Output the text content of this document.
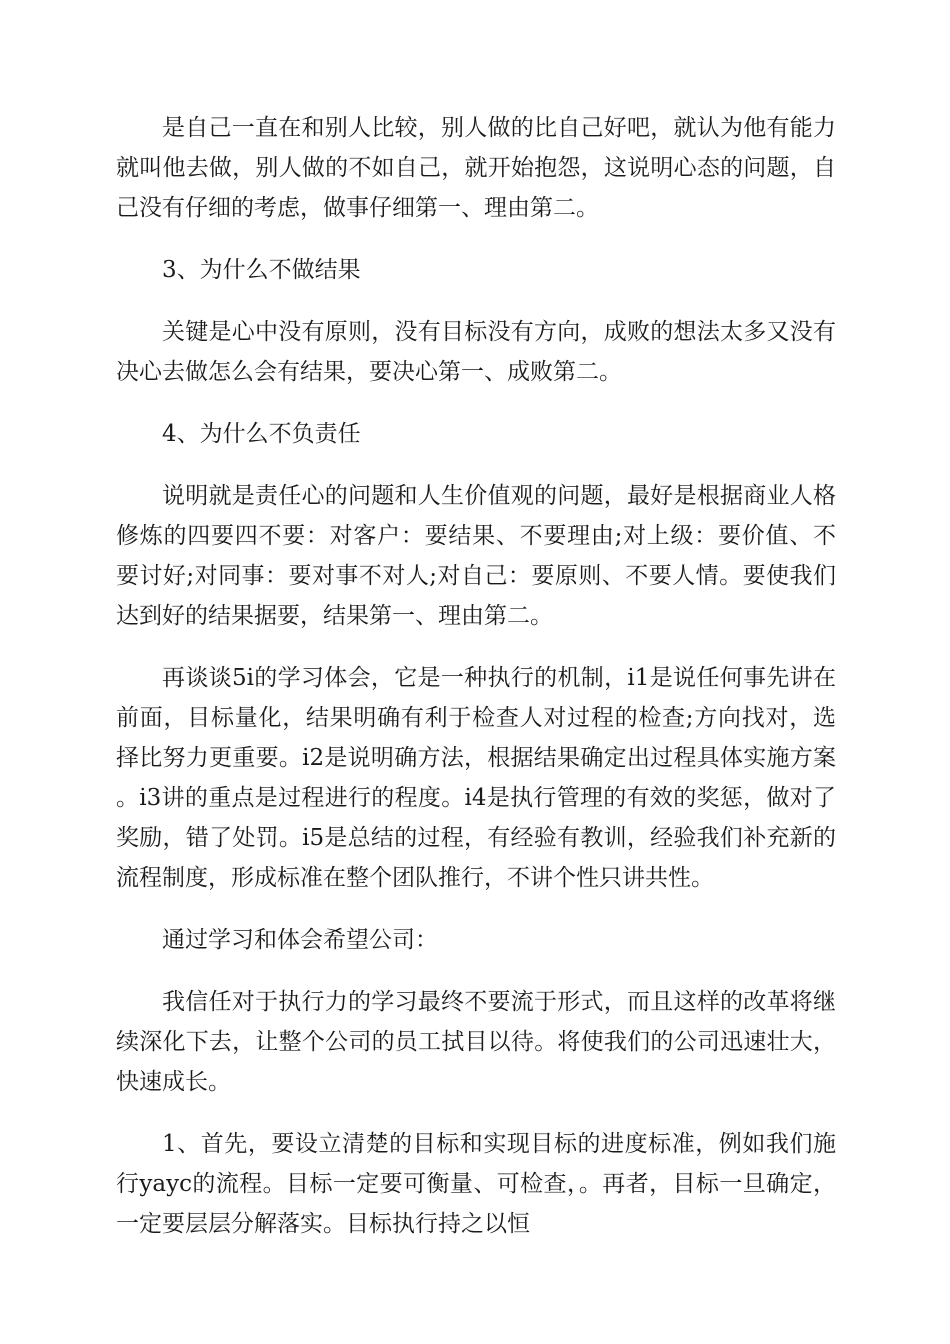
是自己一直在和别人比较，别人做的比自己好吧，就认为他有能力就叫他去做，别人做的不如自己，就开始抱怨，这说明心态的问题，自己没有仔细的考虑，做事仔细第一、理由第二。

3、为什么不做结果

关键是心中没有原则，没有目标没有方向，成败的想法太多又没有决心去做怎么会有结果，要决心第一、成败第二。

4、为什么不负责任

说明就是责任心的问题和人生价值观的问题，最好是根据商业人格修炼的四要四不要：对客户：要结果、不要理由;对上级：要价值、不要讨好;对同事：要对事不对人;对自己：要原则、不要人情。要使我们达到好的结果据要，结果第一、理由第二。

再谈谈5i的学习体会，它是一种执行的机制，i1是说任何事先讲在前面，目标量化，结果明确有利于检查人对过程的检查;方向找对，选择比努力更重要。i2是说明确方法，根据结果确定出过程具体实施方案。i3讲的重点是过程进行的程度。i4是执行管理的有效的奖惩，做对了奖励，错了处罚。i5是总结的过程，有经验有教训，经验我们补充新的流程制度，形成标准在整个团队推行，不讲个性只讲共性。

通过学习和体会希望公司：

我信任对于执行力的学习最终不要流于形式，而且这样的改革将继续深化下去，让整个公司的员工拭目以待。将使我们的公司迅速壮大，快速成长。

1、首先，要设立清楚的目标和实现目标的进度标准，例如我们施行yayc的流程。目标一定要可衡量、可检查，。再者，目标一旦确定，一定要层层分解落实。目标执行持之以恒
